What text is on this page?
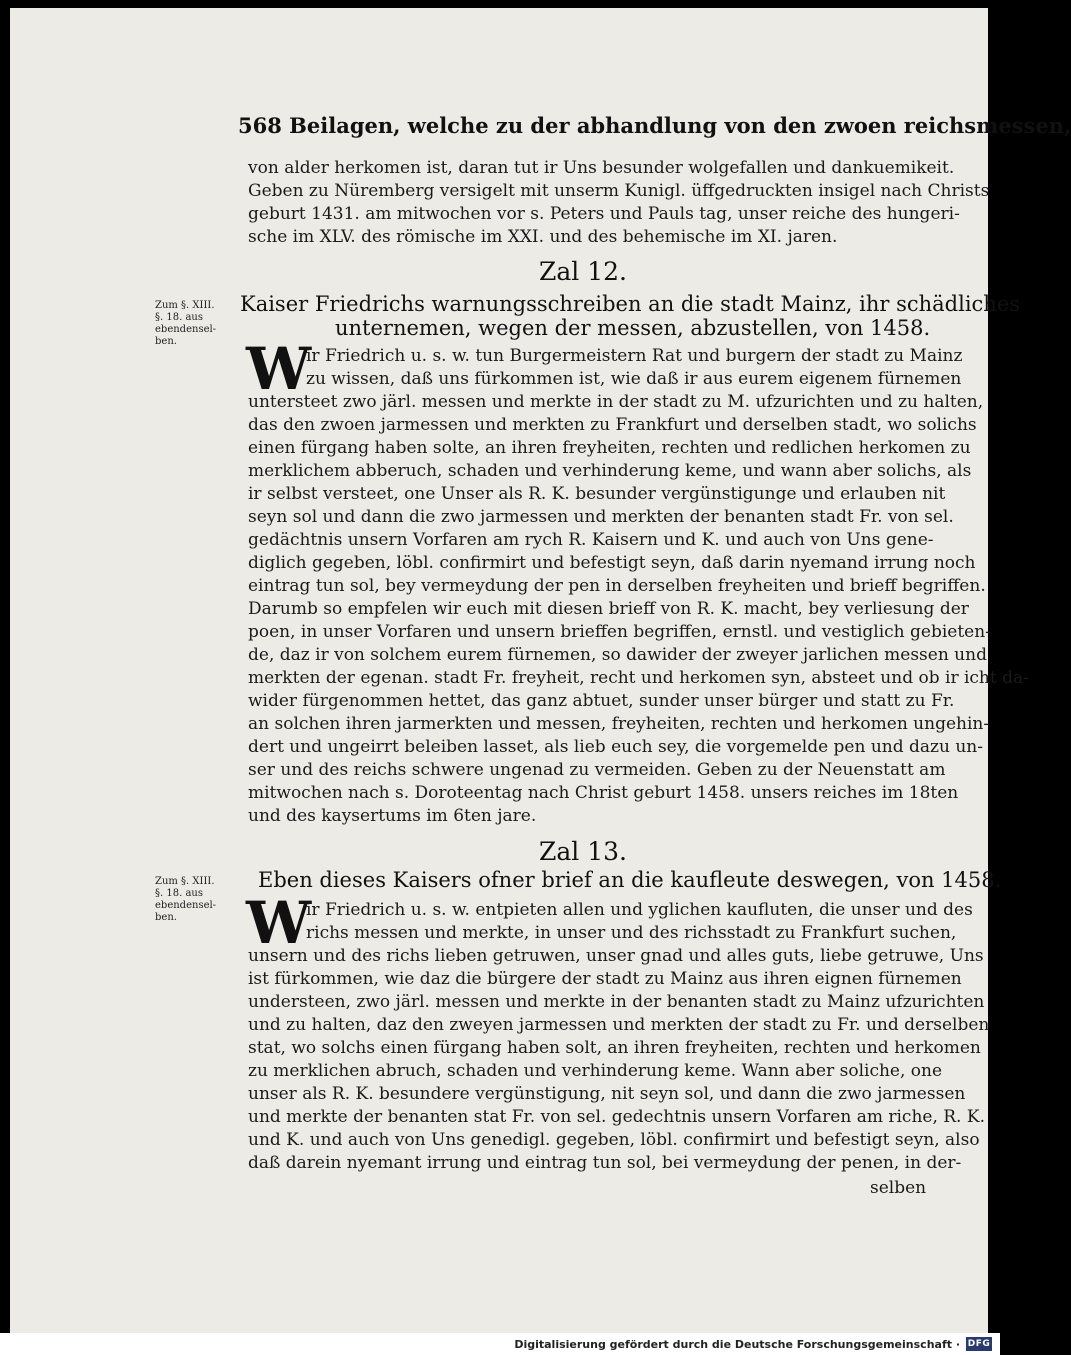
568 Beilagen, welche zu der abhandlung von den zwoen reichsmessen,

von alder herkomen ist, daran tut ir Uns besunder wolgefallen und dankuemikeit.

Geben zu Nüremberg versigelt mit unserm Kunigl. üffgedruckten insigel nach Christs

geburt 1431. am mitwochen vor s. Peters und Pauls tag, unser reiche des hungeri-

sche im XLV. des römische im XXI. und des behemische im XI. jaren.

Zal 12.
Zum §. XIII.
§. 18. aus
ebendensel-
ben.
Kaiser Friedrichs warnungsschreiben an die stadt Mainz, ihr schädliches
unternemen, wegen der messen, abzustellen, von 1458.
W

ir Friedrich u. s. w. tun Burgermeistern Rat und burgern der stadt zu Mainz

zu wissen, daß uns fürkommen ist, wie daß ir aus eurem eigenem fürnemen

untersteet zwo järl. messen und merkte in der stadt zu M. ufzurichten und zu halten,

das den zwoen jarmessen und merkten zu Frankfurt und derselben stadt, wo solichs

einen fürgang haben solte, an ihren freyheiten, rechten und redlichen herkomen zu

merklichem abberuch, schaden und verhinderung keme, und wann aber solichs, als

ir selbst versteet, one Unser als R. K. besunder vergünstigunge und erlauben nit

seyn sol und dann die zwo jarmessen und merkten der benanten stadt Fr. von sel.

gedächtnis unsern Vorfaren am rych R. Kaisern und K. und auch von Uns gene-

diglich gegeben, löbl. confirmirt und befestigt seyn, daß darin nyemand irrung noch

eintrag tun sol, bey vermeydung der pen in derselben freyheiten und brieff begriffen.

Darumb so empfelen wir euch mit diesen brieff von R. K. macht, bey verliesung der

poen, in unser Vorfaren und unsern brieffen begriffen, ernstl. und vestiglich gebieten-

de, daz ir von solchem eurem fürnemen, so dawider der zweyer jarlichen messen und

merkten der egenan. stadt Fr. freyheit, recht und herkomen syn, absteet und ob ir icht da-

wider fürgenommen hettet, das ganz abtuet, sunder unser bürger und statt zu Fr.

an solchen ihren jarmerkten und messen, freyheiten, rechten und herkomen ungehin-

dert und ungeirrt beleiben lasset, als lieb euch sey, die vorgemelde pen und dazu un-

ser und des reichs schwere ungenad zu vermeiden. Geben zu der Neuenstatt am

mitwochen nach s. Doroteentag nach Christ geburt 1458. unsers reiches im 18ten

und des kaysertums im 6ten jare.

Zal 13.
Zum §. XIII.
§. 18. aus
ebendensel-
ben.
Eben dieses Kaisers ofner brief an die kaufleute deswegen, von 1458.
W

ir Friedrich u. s. w. entpieten allen und yglichen kaufluten, die unser und des

richs messen und merkte, in unser und des richsstadt zu Frankfurt suchen,

unsern und des richs lieben getruwen, unser gnad und alles guts, liebe getruwe, Uns

ist fürkommen, wie daz die bürgere der stadt zu Mainz aus ihren eignen fürnemen

understeen, zwo järl. messen und merkte in der benanten stadt zu Mainz ufzurichten

und zu halten, daz den zweyen jarmessen und merkten der stadt zu Fr. und derselben

stat, wo solchs einen fürgang haben solt, an ihren freyheiten, rechten und herkomen

zu merklichen abruch, schaden und verhinderung keme. Wann aber soliche, one

unser als R. K. besundere vergünstigung, nit seyn sol, und dann die zwo jarmessen

und merkte der benanten stat Fr. von sel. gedechtnis unsern Vorfaren am riche, R. K.

und K. und auch von Uns genedigl. gegeben, löbl. confirmirt und befestigt seyn, also

daß darein nyemant irrung und eintrag tun sol, bei vermeydung der penen, in der-

selben
Digitalisierung gefördert durch die Deutsche Forschungsgemeinschaft · DFG
